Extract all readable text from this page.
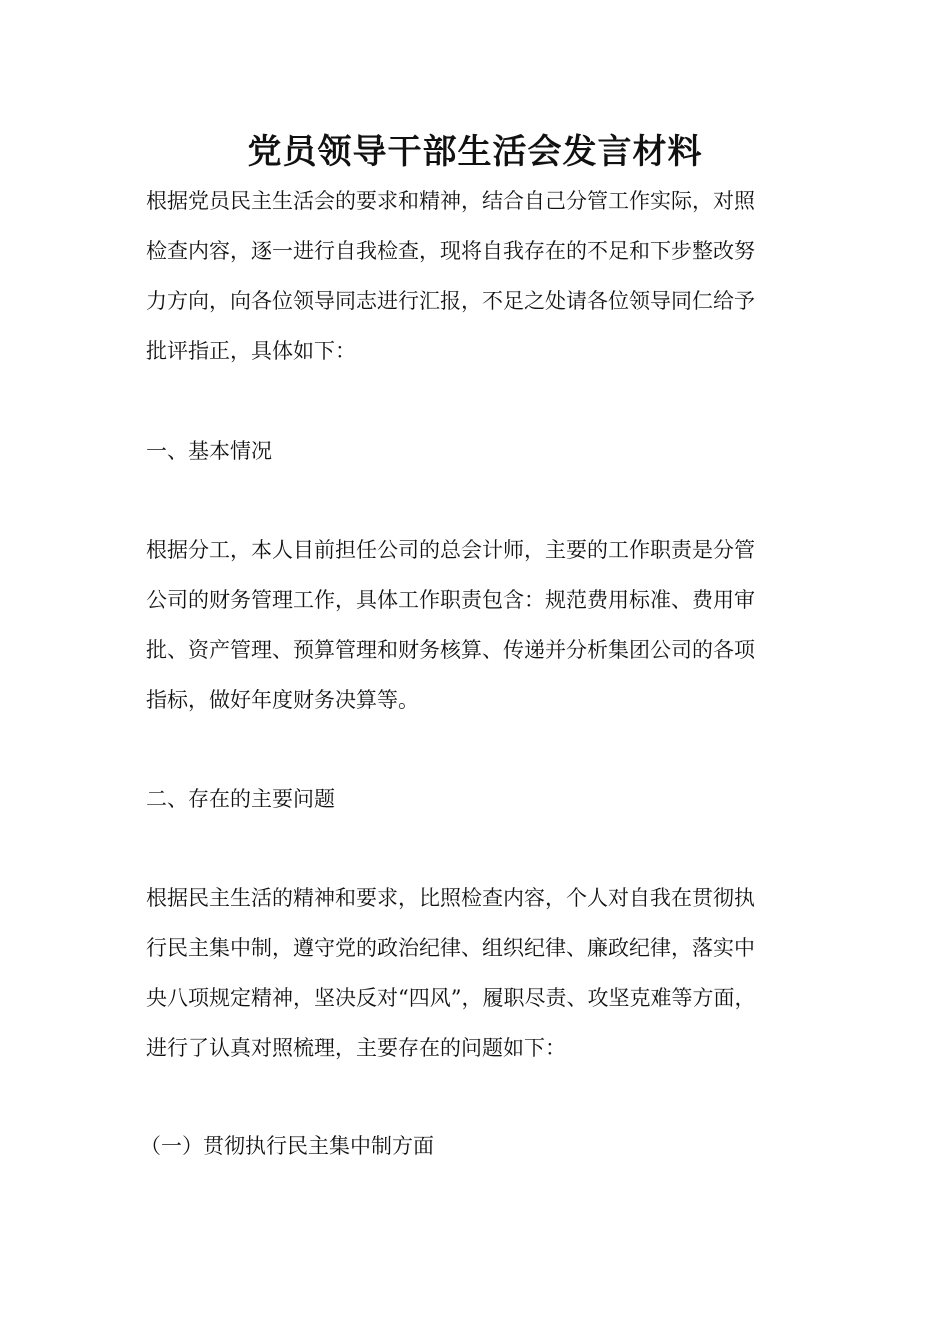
党员领导干部生活会发言材料
根据党员民主生活会的要求和精神，结合自己分管工作实际，对照
检查内容，逐一进行自我检查，现将自我存在的不足和下步整改努
力方向，向各位领导同志进行汇报，不足之处请各位领导同仁给予
批评指正，具体如下：
一、基本情况
根据分工，本人目前担任公司的总会计师，主要的工作职责是分管
公司的财务管理工作，具体工作职责包含：规范费用标准、费用审
批、资产管理、预算管理和财务核算、传递并分析集团公司的各项
指标，做好年度财务决算等。
二、存在的主要问题
根据民主生活的精神和要求，比照检查内容，个人对自我在贯彻执
行民主集中制，遵守党的政治纪律、组织纪律、廉政纪律，落实中
央八项规定精神，坚决反对“四风”，履职尽责、攻坚克难等方面，
进行了认真对照梳理，主要存在的问题如下：
（一）贯彻执行民主集中制方面
